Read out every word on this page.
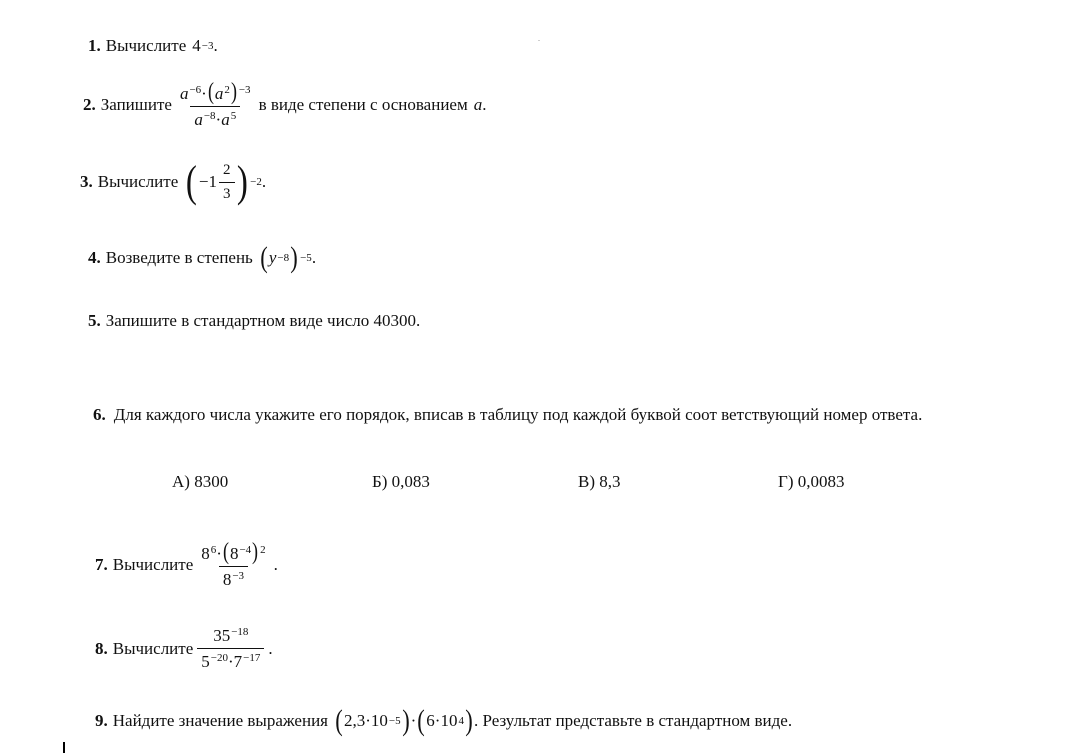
1. Вычислите 4 −3 .
2. Запишите $\frac{a^{-6}\cdot(a^2) ^{-3}}{a^{-8}\cdot a^5}$ в виде степени с основанием a .
3. Вычислите ( $-1 \frac{2}{3}$ ) −2 .
4. Возведите в степень ( y −8 ) −5 .
5. Запишите в стандартном виде число 40300.
6. Для каждого числа укажите его порядок, вписав в таблицу под каждой буквой соот ветствующий номер ответа.
А) 8300	Б) 0,083	В) 8,3	Г) 0,0083
7. Вычислите $\frac{8^6\cdot(8^{-4}) ^2}{8^{-3}}$ .
8. Вычислите $\frac{35^{-18}}{5^{-20}\cdot 7^{-17}}$ .
9. Найдите значение выражения ( 2,3·10 −5 ) · ( 6·10 4 ) . Результат представьте в стандартном виде.
